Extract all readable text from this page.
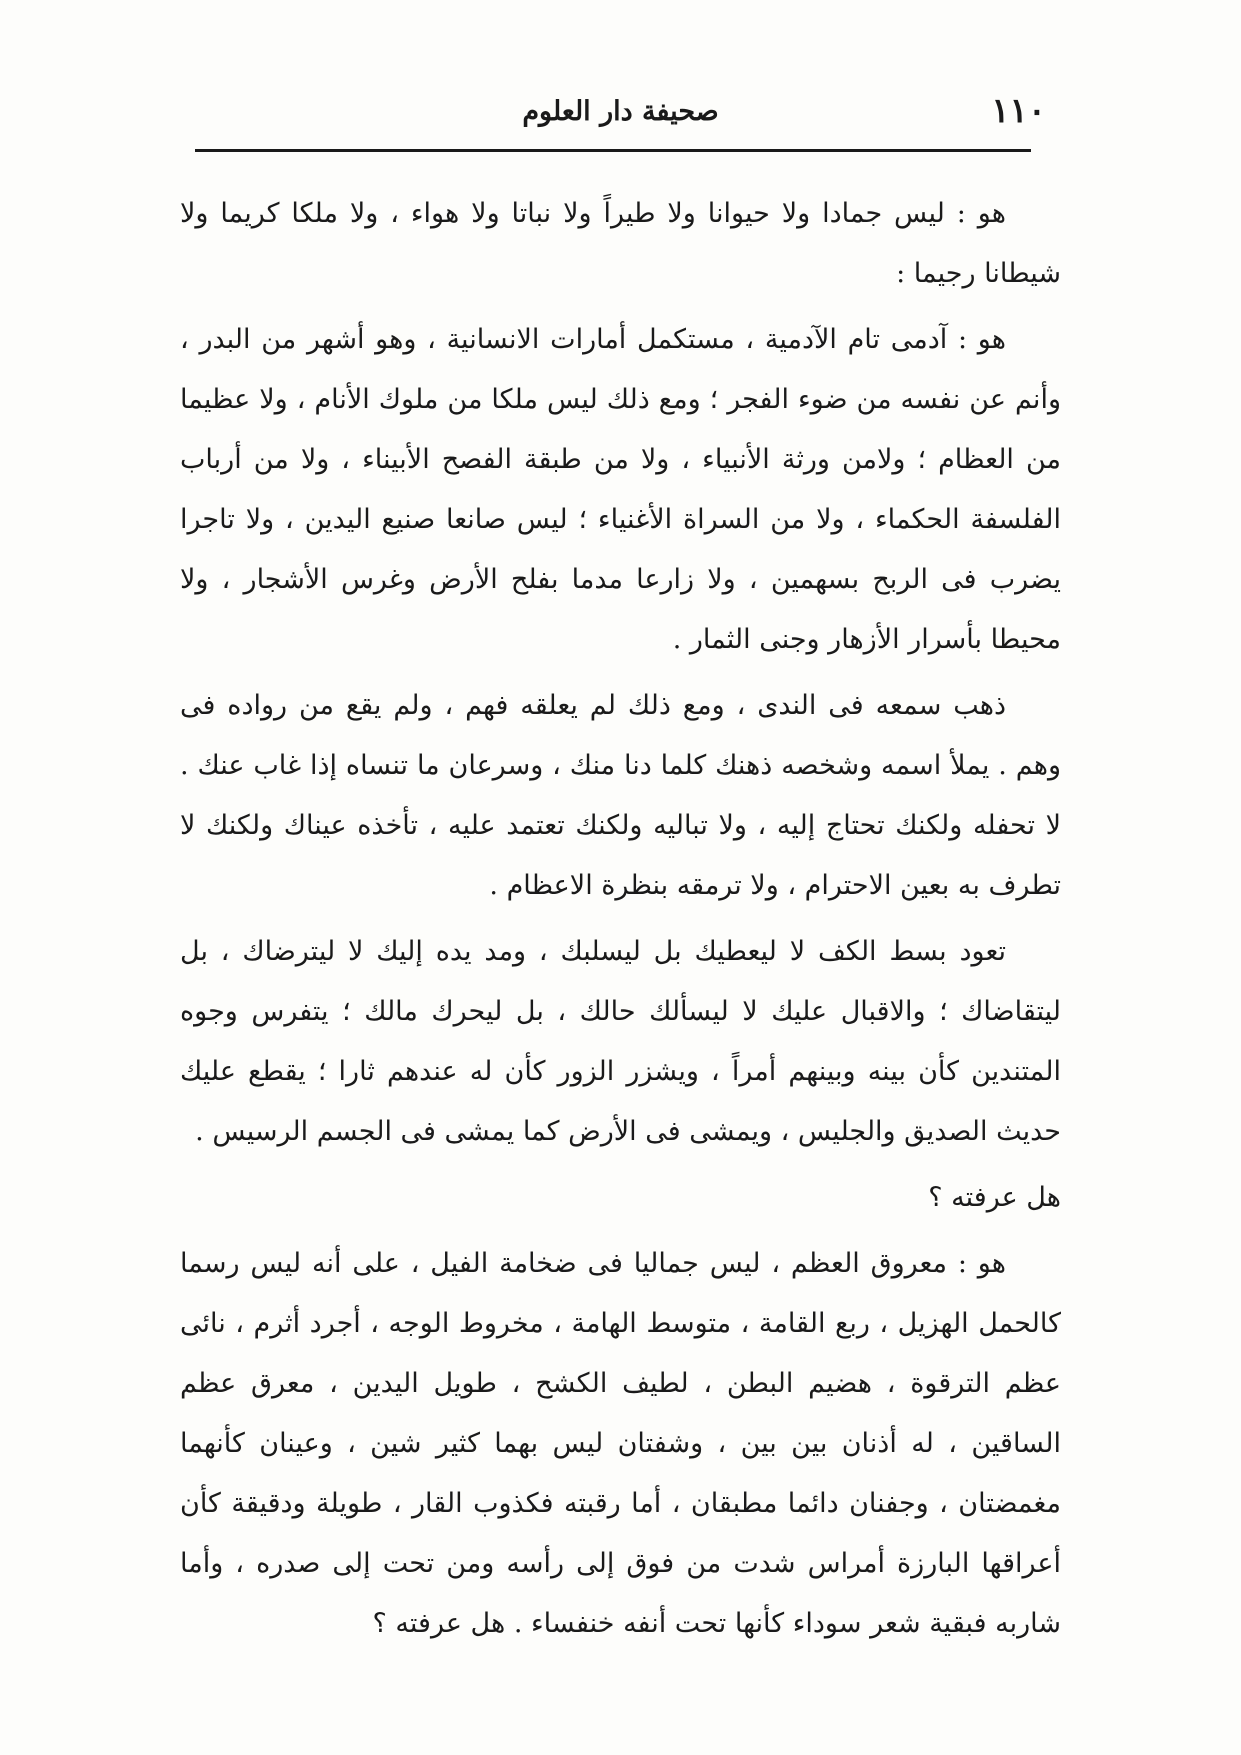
١١٠
صحيفة دار العلوم

هو : ليس جمادا ولا حيوانا ولا طيراً ولا نباتا ولا هواء ، ولا ملكا كريما ولا شيطانا رجيما :

هو : آدمى تام الآدمية ، مستكمل أمارات الانسانية ، وهو أشهر من البدر ، وأنم عن نفسه من ضوء الفجر ؛ ومع ذلك ليس ملكا من ملوك الأنام ، ولا عظيما من العظام ؛ ولامن ورثة الأنبياء ، ولا من طبقة الفصح الأبيناء ، ولا من أرباب الفلسفة الحكماء ، ولا من السراة الأغنياء ؛ ليس صانعا صنيع اليدين ، ولا تاجرا يضرب فى الربح بسهمين ، ولا زارعا مدما بفلح الأرض وغرس الأشجار ، ولا محيطا بأسرار الأزهار وجنى الثمار .

ذهب سمعه فى الندى ، ومع ذلك لم يعلقه فهم ، ولم يقع من رواده فى وهم . يملأ اسمه وشخصه ذهنك كلما دنا منك ، وسرعان ما تنساه إذا غاب عنك . لا تحفله ولكنك تحتاج إليه ، ولا تباليه ولكنك تعتمد عليه ، تأخذه عيناك ولكنك لا تطرف به بعين الاحترام ، ولا ترمقه بنظرة الاعظام .

تعود بسط الكف لا ليعطيك بل ليسلبك ، ومد يده إليك لا ليترضاك ، بل ليتقاضاك ؛ والاقبال عليك لا ليسألك حالك ، بل ليحرك مالك ؛ يتفرس وجوه المتندين كأن بينه وبينهم أمراً ، ويشزر الزور كأن له عندهم ثارا ؛ يقطع عليك حديث الصديق والجليس ، ويمشى فى الأرض كما يمشى فى الجسم الرسيس .

هل عرفته ؟

هو : معروق العظم ، ليس جماليا فى ضخامة الفيل ، على أنه ليس رسما كالحمل الهزيل ، ربع القامة ، متوسط الهامة ، مخروط الوجه ، أجرد أثرم ، نائى عظم الترقوة ، هضيم البطن ، لطيف الكشح ، طويل اليدين ، معرق عظم الساقين ، له أذنان بين بين ، وشفتان ليس بهما كثير شين ، وعينان كأنهما مغمضتان ، وجفنان دائما مطبقان ، أما رقبته فكذوب القار ، طويلة ودقيقة كأن أعراقها البارزة أمراس شدت من فوق إلى رأسه ومن تحت إلى صدره ، وأما شاربه فبقية شعر سوداء كأنها تحت أنفه خنفساء . هل عرفته ؟
